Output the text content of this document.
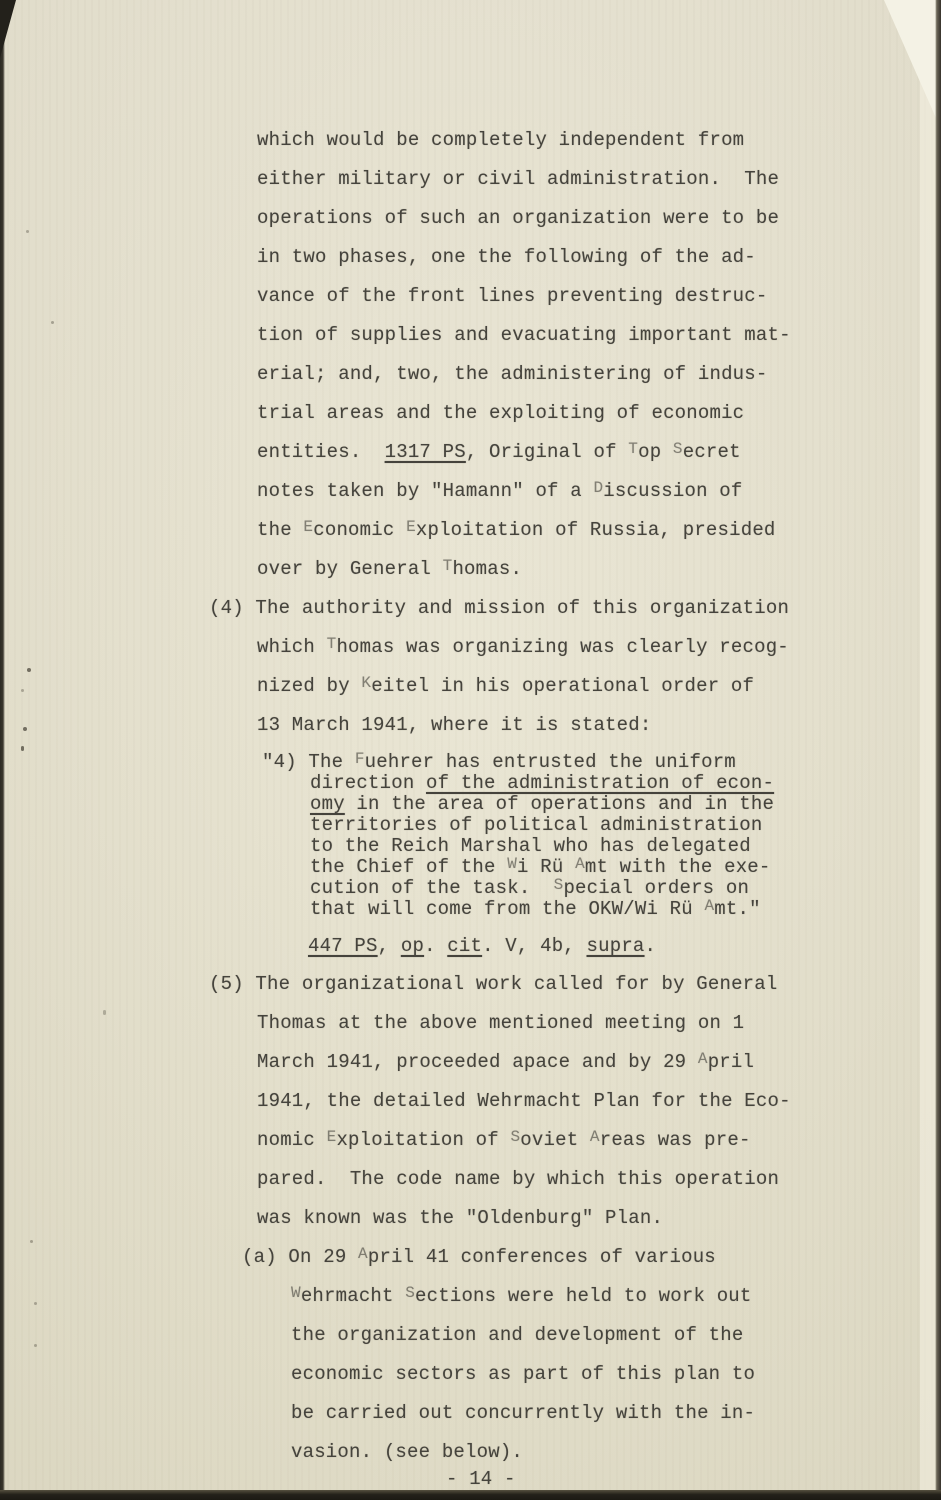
which would be completely independent from
either military or civil administration.  The
operations of such an organization were to be
in two phases, one the following of the ad-
vance of the front lines preventing destruc-
tion of supplies and evacuating important mat-
erial; and, two, the administering of indus-
trial areas and the exploiting of economic
entities.  1317 PS, Original of $^T$op $^S$ecret
notes taken by "Hamann" of a $^D$iscussion of
the $^E$conomic $^E$xploitation of Russia, presided
over by General $^T$homas.
(4) The authority and mission of this organization
which $^T$homas was organizing was clearly recog-
nized by $^K$eitel in his operational order of
13 March 1941, where it is stated:
"4) The $^F$uehrer has entrusted the uniform
direction of the administration of econ-
omy in the area of operations and in the
territories of political administration
to the Reich Marshal who has delegated
the Chief of the $^W$i Rü $^A$mt with the exe-
cution of the task.  $^S$pecial orders on
that will come from the OKW/Wi Rü $^A$mt."
447 PS, op. cit. V, 4b, supra.
(5) The organizational work called for by General
Thomas at the above mentioned meeting on 1
March 1941, proceeded apace and by 29 $^A$pril
1941, the detailed Wehrmacht Plan for the Eco-
nomic $^E$xploitation of $^S$oviet $^A$reas was pre-
pared.  The code name by which this operation
was known was the "Oldenburg" Plan.
(a) On 29 $^A$pril 41 conferences of various
$^W$ehrmacht $^S$ections were held to work out
the organization and development of the
economic sectors as part of this plan to
be carried out concurrently with the in-
vasion. (see below).
- 14 -
